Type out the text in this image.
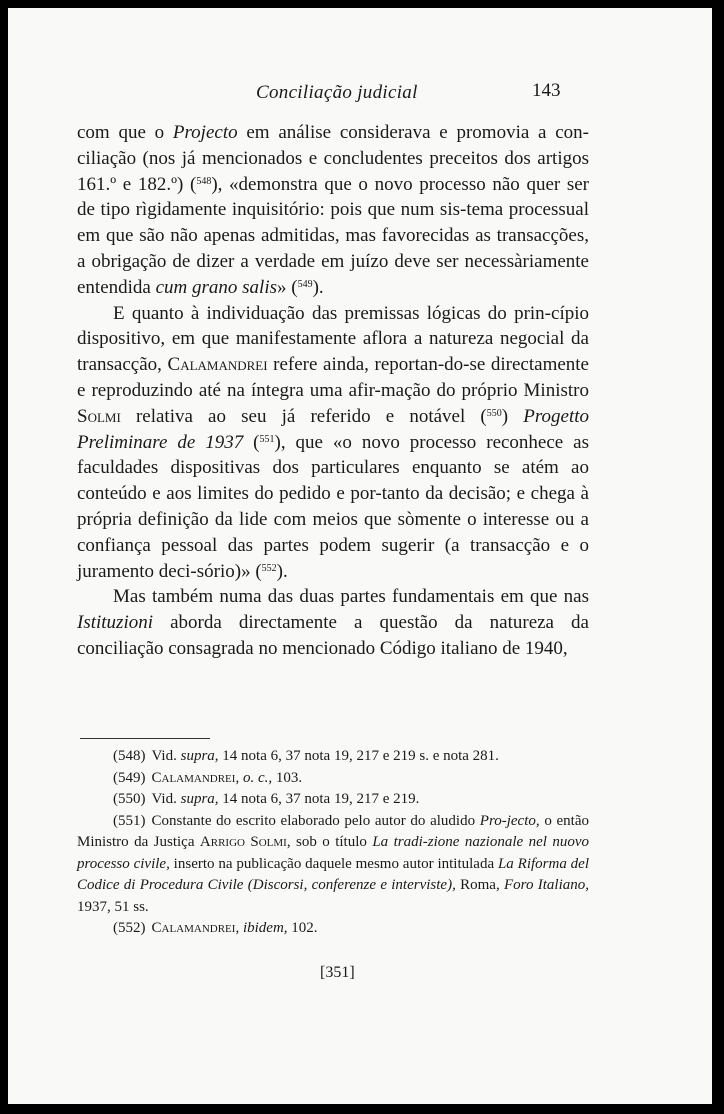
Conciliação judicial	143

com que o Projecto em análise considerava e promovia a con-ciliação (nos já mencionados e concludentes preceitos dos artigos 161.º e 182.º) ($^{548}$), «demonstra que o novo processo não quer ser de tipo rìgidamente inquisitório: pois que num sis-tema processual em que são não apenas admitidas, mas favorecidas as transacções, a obrigação de dizer a verdade em juízo deve ser necessàriamente entendida cum grano salis» ($^{549}$).

E quanto à individuação das premissas lógicas do prin-cípio dispositivo, em que manifestamente aflora a natureza negocial da transacção, Calamandrei refere ainda, reportan-do-se directamente e reproduzindo até na íntegra uma afir-mação do próprio Ministro Solmi relativa ao seu já referido e notável ($^{550}$) Progetto Preliminare de 1937 ($^{551}$), que «o novo processo reconhece as faculdades dispositivas dos particulares enquanto se atém ao conteúdo e aos limites do pedido e por-tanto da decisão; e chega à própria definição da lide com meios que sòmente o interesse ou a confiança pessoal das partes podem sugerir (a transacção e o juramento deci-sório)» ($^{552}$).

Mas também numa das duas partes fundamentais em que nas Istituzioni aborda directamente a questão da natureza da conciliação consagrada no mencionado Código italiano de 1940,

(548) Vid. supra, 14 nota 6, 37 nota 19, 217 e 219 s. e nota 281.

(549) Calamandrei, o. c., 103.

(550) Vid. supra, 14 nota 6, 37 nota 19, 217 e 219.

(551) Constante do escrito elaborado pelo autor do aludido Pro-jecto, o então Ministro da Justiça Arrigo Solmi, sob o título La tradi-zione nazionale nel nuovo processo civile, inserto na publicação daquele mesmo autor intitulada La Riforma del Codice di Procedura Civile (Discorsi, conferenze e interviste), Roma, Foro Italiano, 1937, 51 ss.

(552) Calamandrei, ibidem, 102.

[351]
